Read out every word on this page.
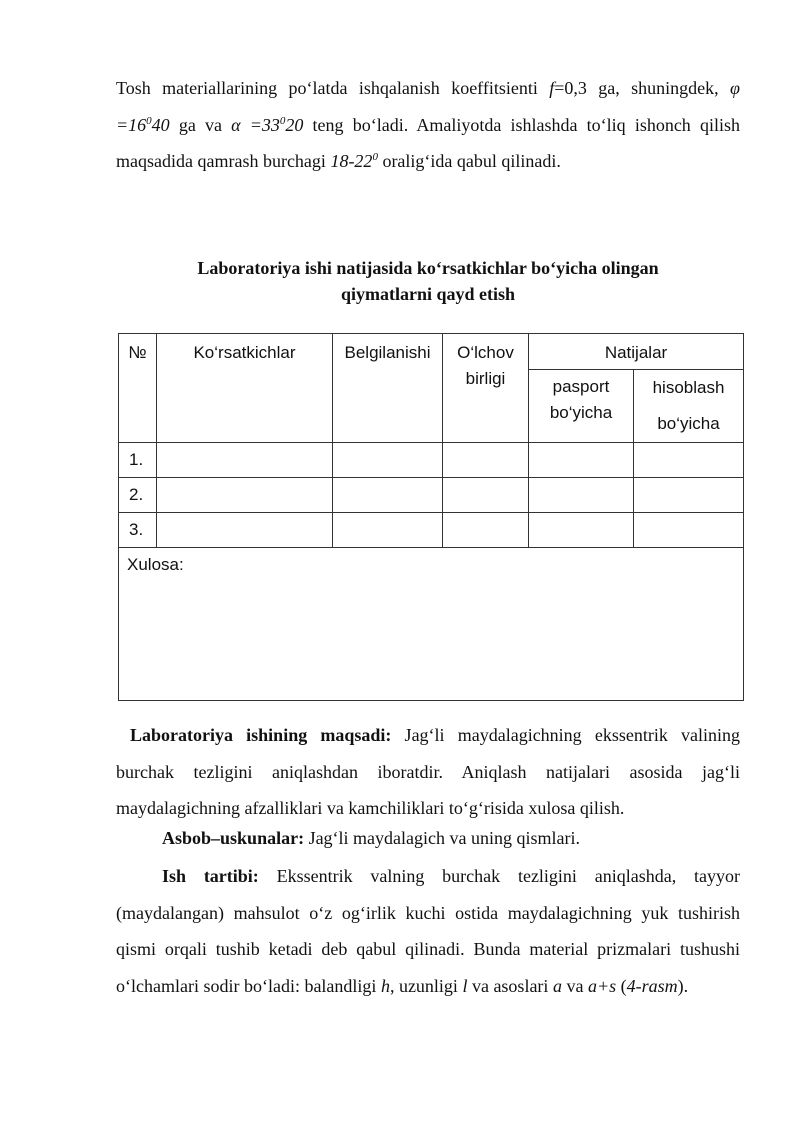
Tosh materiallarining po‘latda ishqalanish koeffitsienti f=0,3 ga, shuningdek, $\varphi =16^040$ ga va $\alpha =33^020$ teng bo‘ladi. Amaliyotda ishlashda to‘liq ishonch qilish maqsadida qamrash burchagi $18-22^0$ oralig‘ida qabul qilinadi.

Laboratoriya ishi natijasida ko‘rsatkichlar bo‘yicha olingan
qiymatlarni qayd etish
№	Ko‘rsatkichlar	Belgilanishi	O‘lchov birligi	Natijalar	

				pasport bo‘yicha	hisoblash
bo‘yicha

1.					
2.					
3.					
Xulosa:					

Laboratoriya ishining maqsadi: Jag‘li maydalagichning ekssentrik valining burchak tezligini aniqlashdan iboratdir. Aniqlash natijalari asosida jag‘li maydalagichning afzalliklari va kamchiliklari to‘g‘risida xulosa qilish.

Asbob–uskunalar: Jag‘li maydalagich va uning qismlari.

Ish tartibi: Ekssentrik valning burchak tezligini aniqlashda, tayyor (maydalangan) mahsulot o‘z og‘irlik kuchi ostida maydalagichning yuk tushirish qismi orqali tushib ketadi deb qabul qilinadi. Bunda material prizmalari tushushi o‘lchamlari sodir bo‘ladi: balandligi h, uzunligi l va asoslari a va a+s (4-rasm).
